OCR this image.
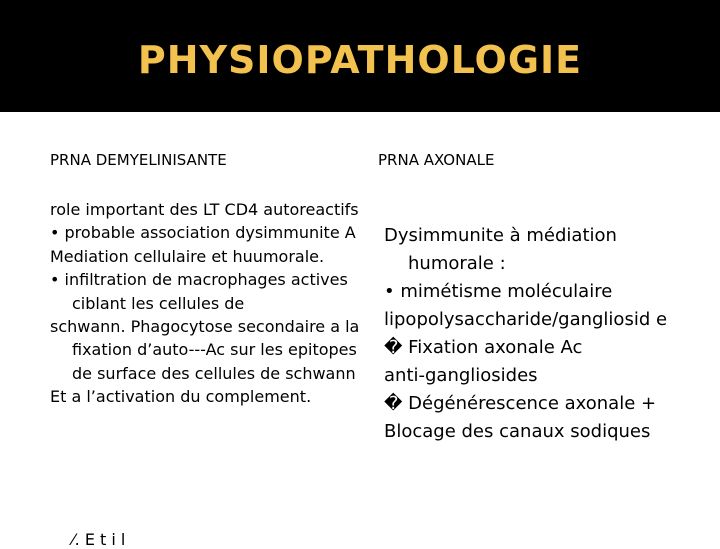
PHYSIOPATHOLOGIE
PRNA DEMYELINISANTE	PRNA AXONALE
role important des LT CD4 autoreactifs
• probable association dysimmunite A
Mediation cellulaire et huumorale.
• infiltration de macrophages actives ciblant les cellules de
schwann. Phagocytose secondaire a la fixation d’auto---Ac sur les epitopes de surface des cellules de schwann
Et a l’activation du complement.
⁄. E t i l
Dysimmunite à médiation humorale :
• mimétisme moléculaire
lipopolysaccharide/gangliosid e
� Fixation axonale Ac
anti-gangliosides
� Dégénérescence axonale +
Blocage des canaux sodiques
